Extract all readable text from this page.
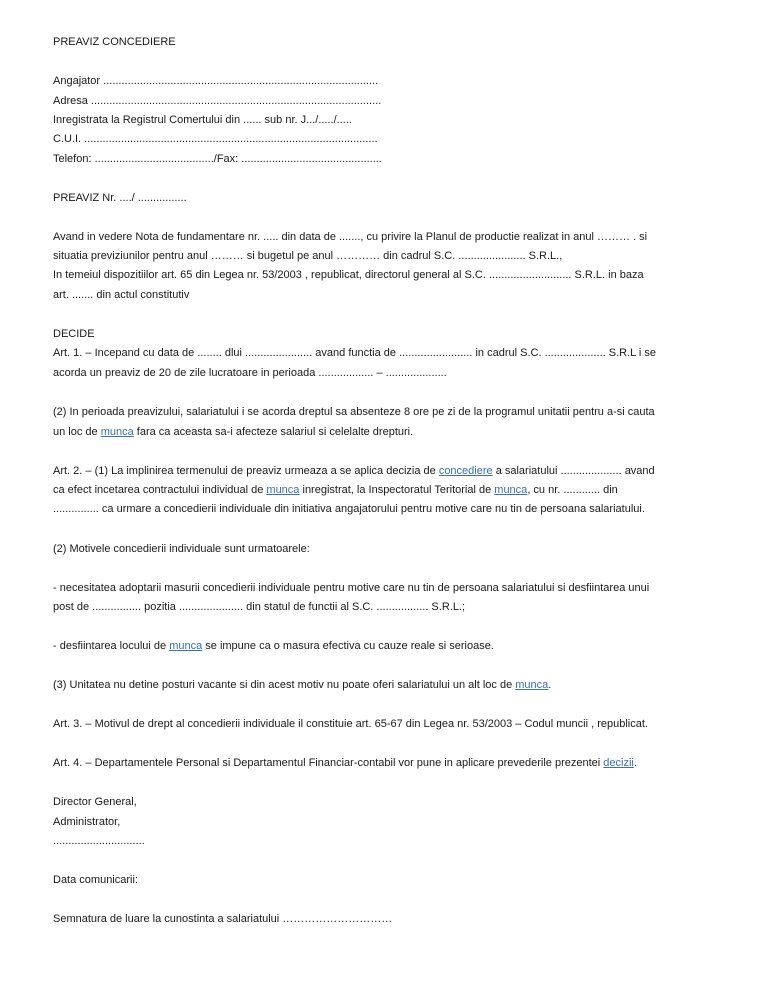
PREAVIZ CONCEDIERE
Angajator ..........................................................................................
Adresa ...............................................................................................
Inregistrata la Registrul Comertului din ...... sub nr. J.../...../.....
C.U.I. ................................................................................................
Telefon: ......................................./Fax: ..............................................
PREAVIZ Nr. ..../ ................
Avand in vedere Nota de fundamentare nr. ..... din data de ......., cu privire la Planul de productie realizat in anul ……… . si
situatia previziunilor pentru anul ……… si bugetul pe anul ………… din cadrul S.C. ...................... S.R.L.,
In temeiul dispozitiilor art. 65 din Legea nr. 53/2003 , republicat, directorul general al S.C. ........................... S.R.L. in baza
art. ....... din actul constitutiv
DECIDE
Art. 1. – Incepand cu data de ........ dlui ...................... avand functia de ........................ in cadrul S.C. .................... S.R.L i se
acorda un preaviz de 20 de zile lucratoare in perioada .................. – ....................
(2) In perioada preavizului, salariatului i se acorda dreptul sa absenteze 8 ore pe zi de la programul unitatii pentru a-si cauta
un loc de munca fara ca aceasta sa-i afecteze salariul si celelalte drepturi.
Art. 2. – (1) La implinirea termenului de preaviz urmeaza a se aplica decizia de concediere a salariatului .................... avand
ca efect incetarea contractului individual de munca inregistrat, la Inspectoratul Teritorial de munca, cu nr. ............ din
............... ca urmare a concedierii individuale din initiativa angajatorului pentru motive care nu tin de persoana salariatului.
(2) Motivele concedierii individuale sunt urmatoarele:
- necesitatea adoptarii masurii concedierii individuale pentru motive care nu tin de persoana salariatului si desfiintarea unui
post de ................ pozitia ..................... din statul de functii al S.C. ................. S.R.L.;
- desfiintarea locului de munca se impune ca o masura efectiva cu cauze reale si serioase.
(3) Unitatea nu detine posturi vacante si din acest motiv nu poate oferi salariatului un alt loc de munca.
Art. 3. – Motivul de drept al concedierii individuale il constituie art. 65-67 din Legea nr. 53/2003 – Codul muncii , republicat.
Art. 4. – Departamentele Personal si Departamentul Financiar-contabil vor pune in aplicare prevederile prezentei decizii.
Director General,
Administrator,
..............................
Data comunicarii:
Semnatura de luare la cunostinta a salariatului …………………………
